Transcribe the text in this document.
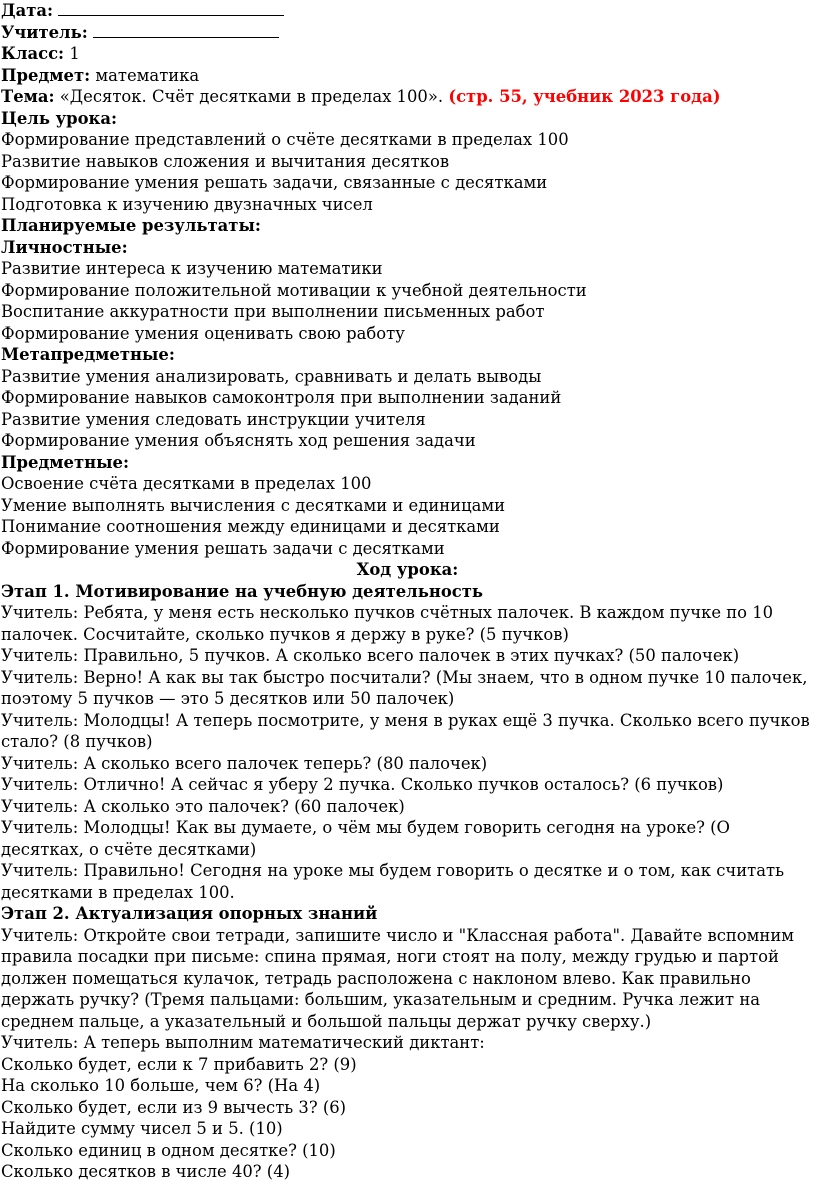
Дата:

Учитель:

Класс: 1

Предмет: математика

Тема: «Десяток. Счёт десятками в пределах 100». (стр. 55, учебник 2023 года)

Цель урока:

Формирование представлений о счёте десятками в пределах 100

Развитие навыков сложения и вычитания десятков

Формирование умения решать задачи, связанные с десятками

Подготовка к изучению двузначных чисел

Планируемые результаты:

Личностные:

Развитие интереса к изучению математики

Формирование положительной мотивации к учебной деятельности

Воспитание аккуратности при выполнении письменных работ

Формирование умения оценивать свою работу

Метапредметные:

Развитие умения анализировать, сравнивать и делать выводы

Формирование навыков самоконтроля при выполнении заданий

Развитие умения следовать инструкции учителя

Формирование умения объяснять ход решения задачи

Предметные:

Освоение счёта десятками в пределах 100

Умение выполнять вычисления с десятками и единицами

Понимание соотношения между единицами и десятками

Формирование умения решать задачи с десятками

Ход урока:

Этап 1. Мотивирование на учебную деятельность

Учитель: Ребята, у меня есть несколько пучков счётных палочек. В каждом пучке по 10 палочек. Сосчитайте, сколько пучков я держу в руке? (5 пучков)

Учитель: Правильно, 5 пучков. А сколько всего палочек в этих пучках? (50 палочек)

Учитель: Верно! А как вы так быстро посчитали? (Мы знаем, что в одном пучке 10 палочек, поэтому 5 пучков — это 5 десятков или 50 палочек)

Учитель: Молодцы! А теперь посмотрите, у меня в руках ещё 3 пучка. Сколько всего пучков стало? (8 пучков)

Учитель: А сколько всего палочек теперь? (80 палочек)

Учитель: Отлично! А сейчас я уберу 2 пучка. Сколько пучков осталось? (6 пучков)

Учитель: А сколько это палочек? (60 палочек)

Учитель: Молодцы! Как вы думаете, о чём мы будем говорить сегодня на уроке? (О десятках, о счёте десятками)

Учитель: Правильно! Сегодня на уроке мы будем говорить о десятке и о том, как считать десятками в пределах 100.

Этап 2. Актуализация опорных знаний

Учитель: Откройте свои тетради, запишите число и "Классная работа". Давайте вспомним правила посадки при письме: спина прямая, ноги стоят на полу, между грудью и партой должен помещаться кулачок, тетрадь расположена с наклоном влево. Как правильно держать ручку? (Тремя пальцами: большим, указательным и средним. Ручка лежит на среднем пальце, а указательный и большой пальцы держат ручку сверху.)

Учитель: А теперь выполним математический диктант:

Сколько будет, если к 7 прибавить 2? (9)

На сколько 10 больше, чем 6? (На 4)

Сколько будет, если из 9 вычесть 3? (6)

Найдите сумму чисел 5 и 5. (10)

Сколько единиц в одном десятке? (10)

Сколько десятков в числе 40? (4)
